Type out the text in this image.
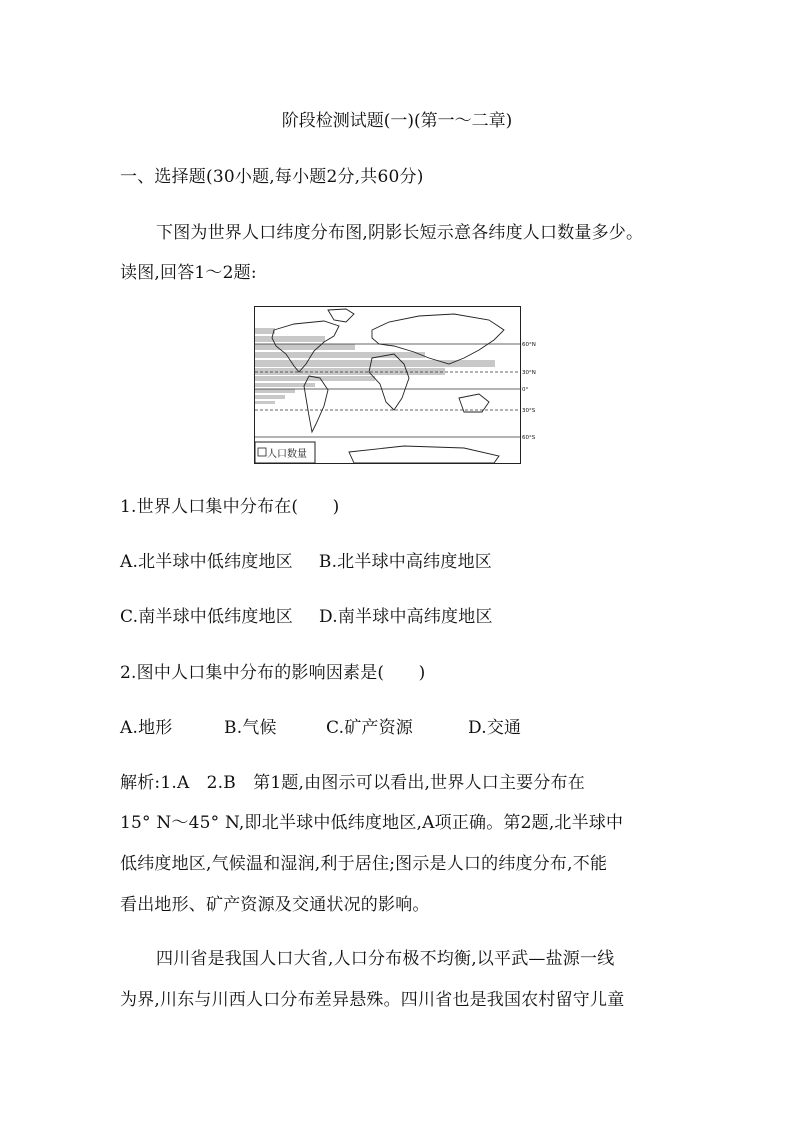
阶段检测试题(一)(第一～二章)
一、选择题(30小题,每小题2分,共60分)
下图为世界人口纬度分布图,阴影长短示意各纬度人口数量多少。
读图,回答1～2题:
人口数量
60°N
30°N
0°
30°S
60°S
1.世界人口集中分布在(　　)
A.北半球中低纬度地区 B.北半球中高纬度地区
C.南半球中低纬度地区 D.南半球中高纬度地区
2.图中人口集中分布的影响因素是(　　)
A.地形	B.气候	C.矿产资源	D.交通
解析:1.A　2.B　第1题,由图示可以看出,世界人口主要分布在
15° N～45° N,即北半球中低纬度地区,A项正确。第2题,北半球中
低纬度地区,气候温和湿润,利于居住;图示是人口的纬度分布,不能
看出地形、矿产资源及交通状况的影响。
四川省是我国人口大省,人口分布极不均衡,以平武—盐源一线
为界,川东与川西人口分布差异悬殊。四川省也是我国农村留守儿童
